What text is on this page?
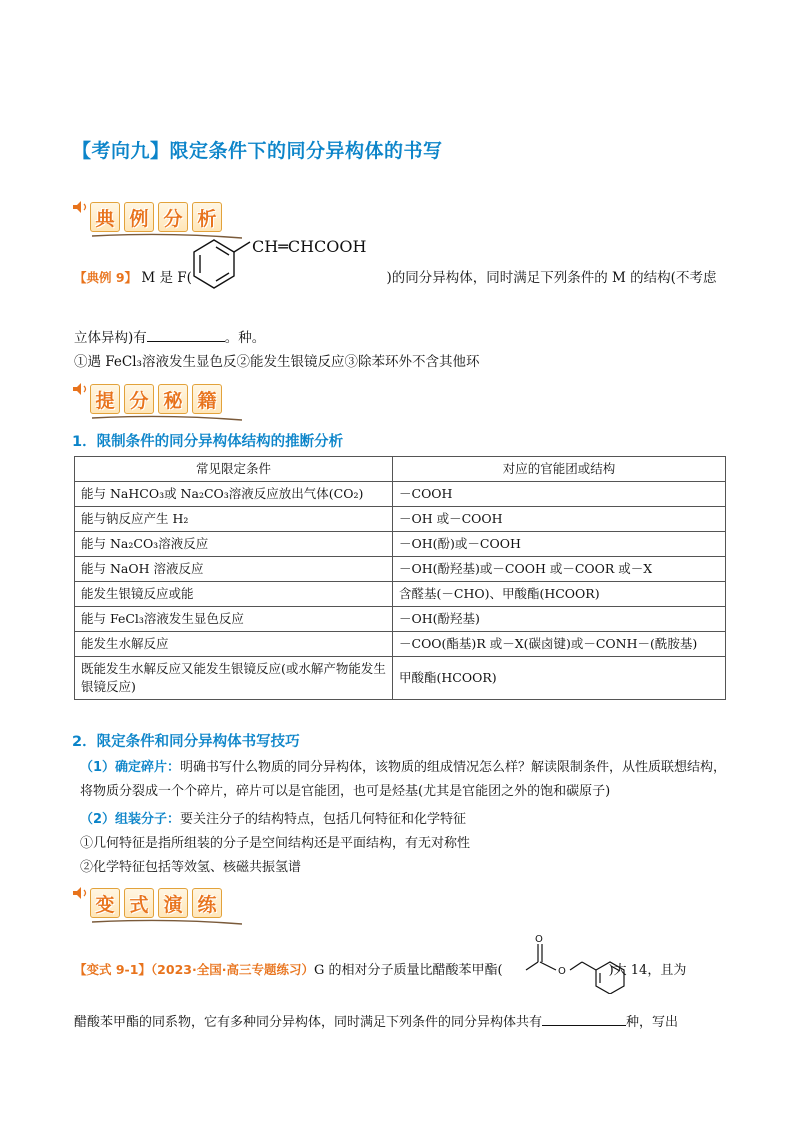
【考向九】限定条件下的同分异构体的书写
典 例 分 析
【典例 9】 M 是 F(	)的同分异构体，同时满足下列条件的 M 的结构(不考虑
CH═CHCOOH
立体异构)有	。种。
①遇 FeCl₃溶液发生显色反②能发生银镜反应③除苯环外不含其他环
提 分 秘 籍
1．限制条件的同分异构体结构的推断分析
常见限定条件	对应的官能团或结构
能与 NaHCO₃或 Na₂CO₃溶液反应放出气体(CO₂)	－COOH
能与钠反应产生 H₂	－OH 或－COOH
能与 Na₂CO₃溶液反应	－OH(酚)或－COOH
能与 NaOH 溶液反应	－OH(酚羟基)或－COOH 或－COOR 或－X
能发生银镜反应或能	含醛基(－CHO)、甲酸酯(HCOOR)
能与 FeCl₃溶液发生显色反应	－OH(酚羟基)
能发生水解反应	－COO(酯基)R 或－X(碳卤键)或－CONH－(酰胺基)
既能发生水解反应又能发生银镜反应(或水解产物能发生银镜反应)	甲酸酯(HCOOR)
2．限定条件和同分异构体书写技巧
（1）确定碎片：明确书写什么物质的同分异构体，该物质的组成情况怎么样？解读限制条件，从性质联想结构，将物质分裂成一个个碎片，碎片可以是官能团，也可是烃基(尤其是官能团之外的饱和碳原子)
（2）组装分子：要关注分子的结构特点，包括几何特征和化学特征
①几何特征是指所组装的分子是空间结构还是平面结构，有无对称性
②化学特征包括等效氢、核磁共振氢谱
变 式 演 练
【变式 9-1】（2023·全国·高三专题练习）G 的相对分子质量比醋酸苯甲酯(	)大 14，且为
O
O
醋酸苯甲酯的同系物，它有多种同分异构体，同时满足下列条件的同分异构体共有	种，写出
